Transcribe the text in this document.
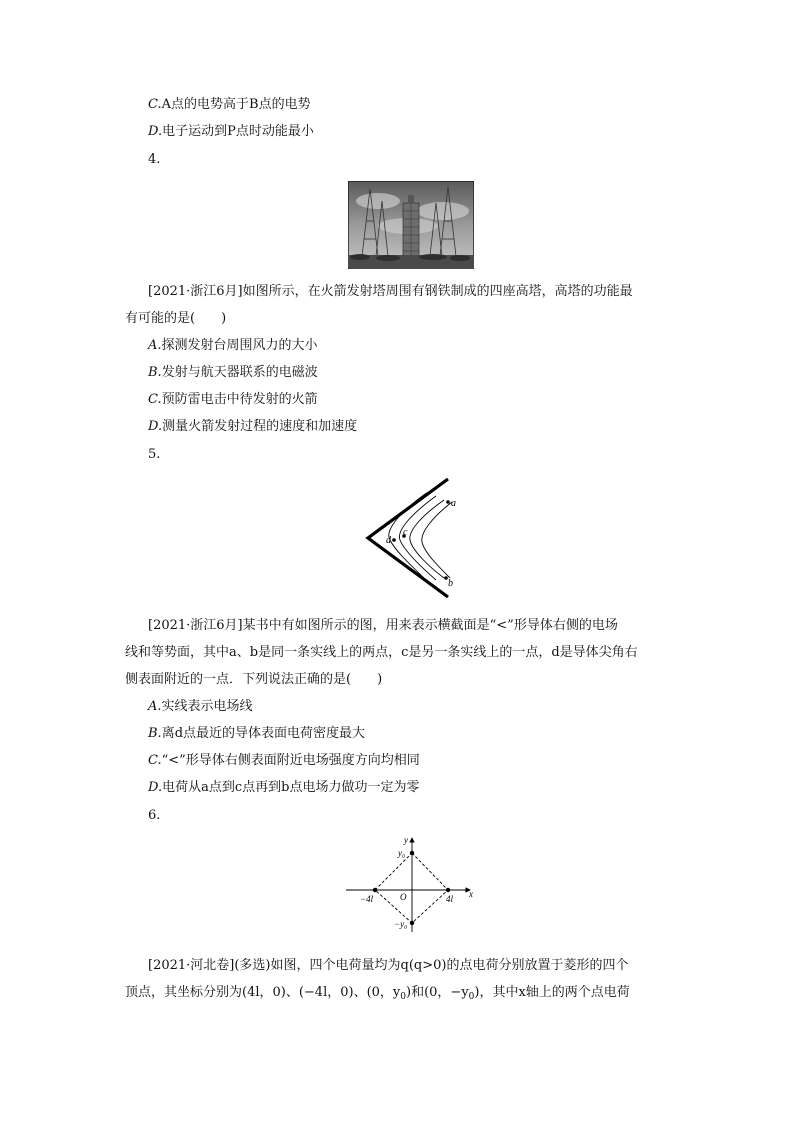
C.A点的电势高于B点的电势
D.电子运动到P点时动能最小
4.
[2021·浙江6月]如图所示，在火箭发射塔周围有钢铁制成的四座高塔，高塔的功能最
有可能的是(　　)
A.探测发射台周围风力的大小
B.发射与航天器联系的电磁波
C.预防雷电击中待发射的火箭
D.测量火箭发射过程的速度和加速度
5.
a
b
c
d
[2021·浙江6月]某书中有如图所示的图，用来表示横截面是“<”形导体右侧的电场
线和等势面，其中a、b是同一条实线上的两点，c是另一条实线上的一点，d是导体尖角右
侧表面附近的一点．下列说法正确的是(　　)
A.实线表示电场线
B.离d点最近的导体表面电荷密度最大
C.“<”形导体右侧表面附近电场强度方向均相同
D.电荷从a点到c点再到b点电场力做功一定为零
6.
y
x
O
y₀
−y₀
−4l	4l
[2021·河北卷](多选)如图，四个电荷量均为q(q>0)的点电荷分别放置于菱形的四个
顶点，其坐标分别为(4l，0)、(−4l，0)、(0，$y_0$)和(0，$-y_0$)，其中x轴上的两个点电荷
